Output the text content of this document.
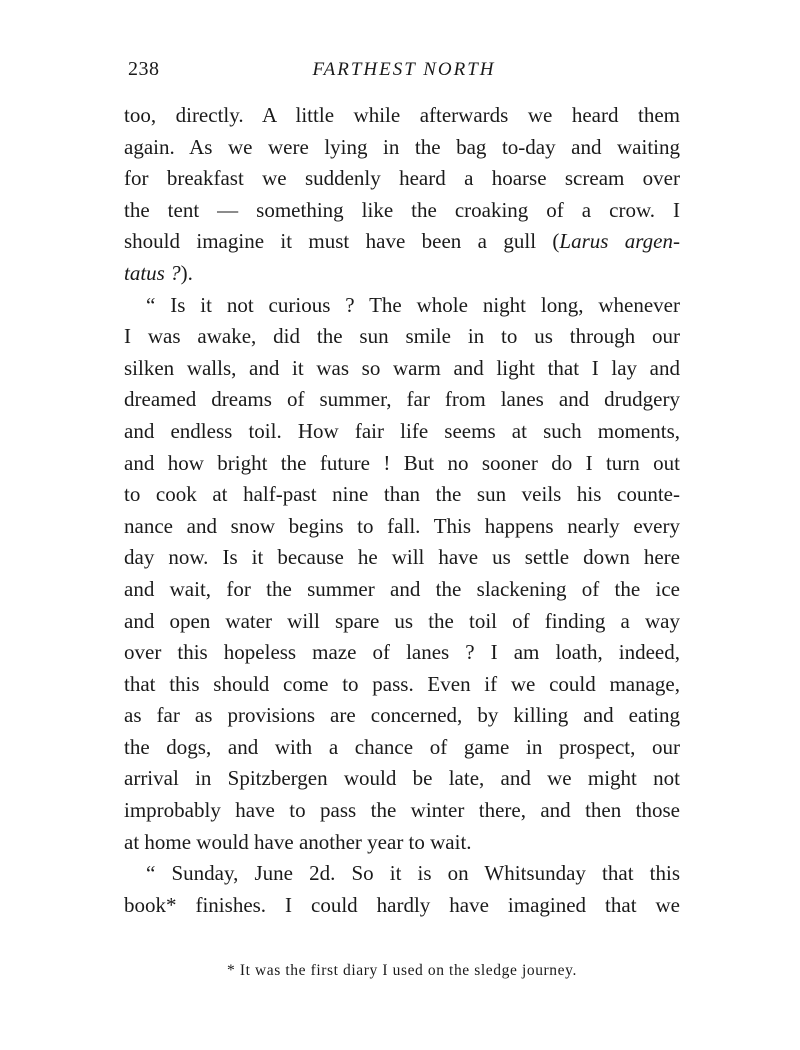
238	FARTHEST NORTH
too, directly. A little while afterwards we heard them
again. As we were lying in the bag to-day and waiting
for breakfast we suddenly heard a hoarse scream over
the tent — something like the croaking of a crow. I
should imagine it must have been a gull (Larus argen-
tatus ?).
“ Is it not curious ? The whole night long, whenever
I was awake, did the sun smile in to us through our
silken walls, and it was so warm and light that I lay and
dreamed dreams of summer, far from lanes and drudgery
and endless toil. How fair life seems at such moments,
and how bright the future ! But no sooner do I turn out
to cook at half-past nine than the sun veils his counte-
nance and snow begins to fall. This happens nearly every
day now. Is it because he will have us settle down here
and wait, for the summer and the slackening of the ice
and open water will spare us the toil of finding a way
over this hopeless maze of lanes ? I am loath, indeed,
that this should come to pass. Even if we could manage,
as far as provisions are concerned, by killing and eating
the dogs, and with a chance of game in prospect, our
arrival in Spitzbergen would be late, and we might not
improbably have to pass the winter there, and then those
at home would have another year to wait.
“ Sunday, June 2d. So it is on Whitsunday that this
book* finishes. I could hardly have imagined that we
* It was the first diary I used on the sledge journey.
